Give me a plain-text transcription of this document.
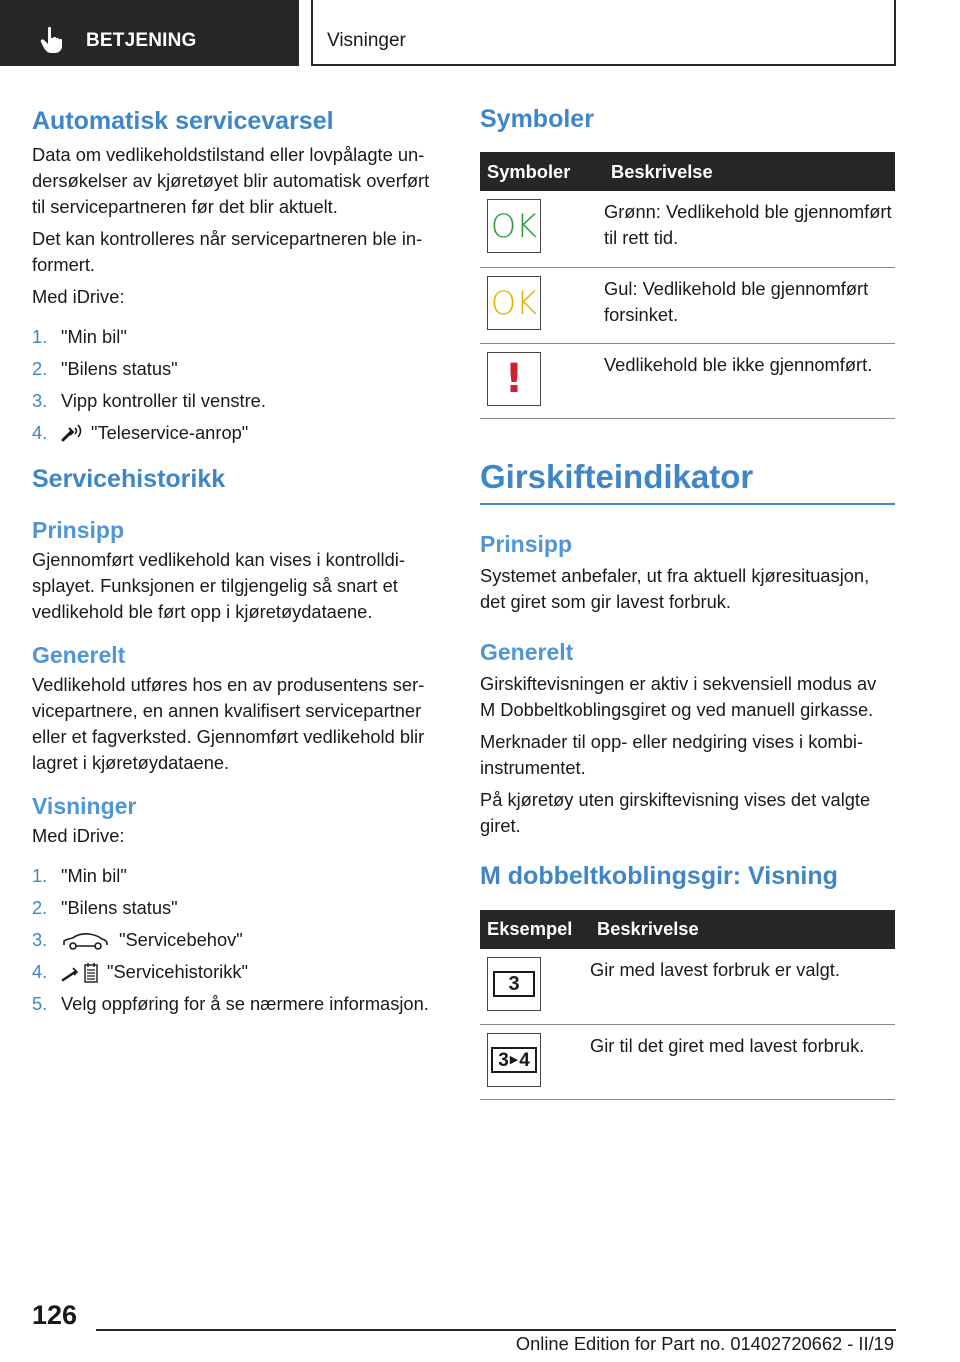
BETJENING	Visninger
Automatisk servicevarsel

Data om vedlikeholdstilstand eller lovpålagte undersøkelser av kjøretøyet blir automatisk overført til servicepartneren før det blir aktuelt.

Det kan kontrolleres når servicepartneren ble informert.

Med iDrive:

1. "Min bil"
2. "Bilens status"
3. Vipp kontroller til venstre.
4. "Teleservice-anrop"
Servicehistorikk
Prinsipp

Gjennomført vedlikehold kan vises i kontrolldisplayet. Funksjonen er tilgjengelig så snart et vedlikehold ble ført opp i kjøretøydataene.

Generelt

Vedlikehold utføres hos en av produsentens servicepartnere, en annen kvalifisert servicepartner eller et fagverksted. Gjennomført vedlikehold blir lagret i kjøretøydataene.

Visninger

Med iDrive:

1. "Min bil"
2. "Bilens status"
3.	"Servicebehov"
4.	"Servicehistorikk"
5. Velg oppføring for å se nærmere informasjon.
Symboler
Symboler	Beskrivelse

OK	Grønn: Vedlikehold ble gjennomført til rett tid.

OK	Gul: Vedlikehold ble gjennomført forsinket.

!	Vedlikehold ble ikke gjennomført.
Girskifteindikator
Prinsipp

Systemet anbefaler, ut fra aktuell kjøresituasjon, det giret som gir lavest forbruk.

Generelt

Girskiftevisningen er aktiv i sekvensiell modus av M Dobbeltkoblingsgiret og ved manuell girkasse.

Merknader til opp- eller nedgiring vises i kombiinstrumentet.

På kjøretøy uten girskiftevisning vises det valgte giret.

M dobbeltkoblingsgir: Visning
Eksempel	Beskrivelse

3	Gir med lavest forbruk er valgt.

3 ▶ 4	Gir til det giret med lavest forbruk.
126
Online Edition for Part no. 01402720662 - II/19
